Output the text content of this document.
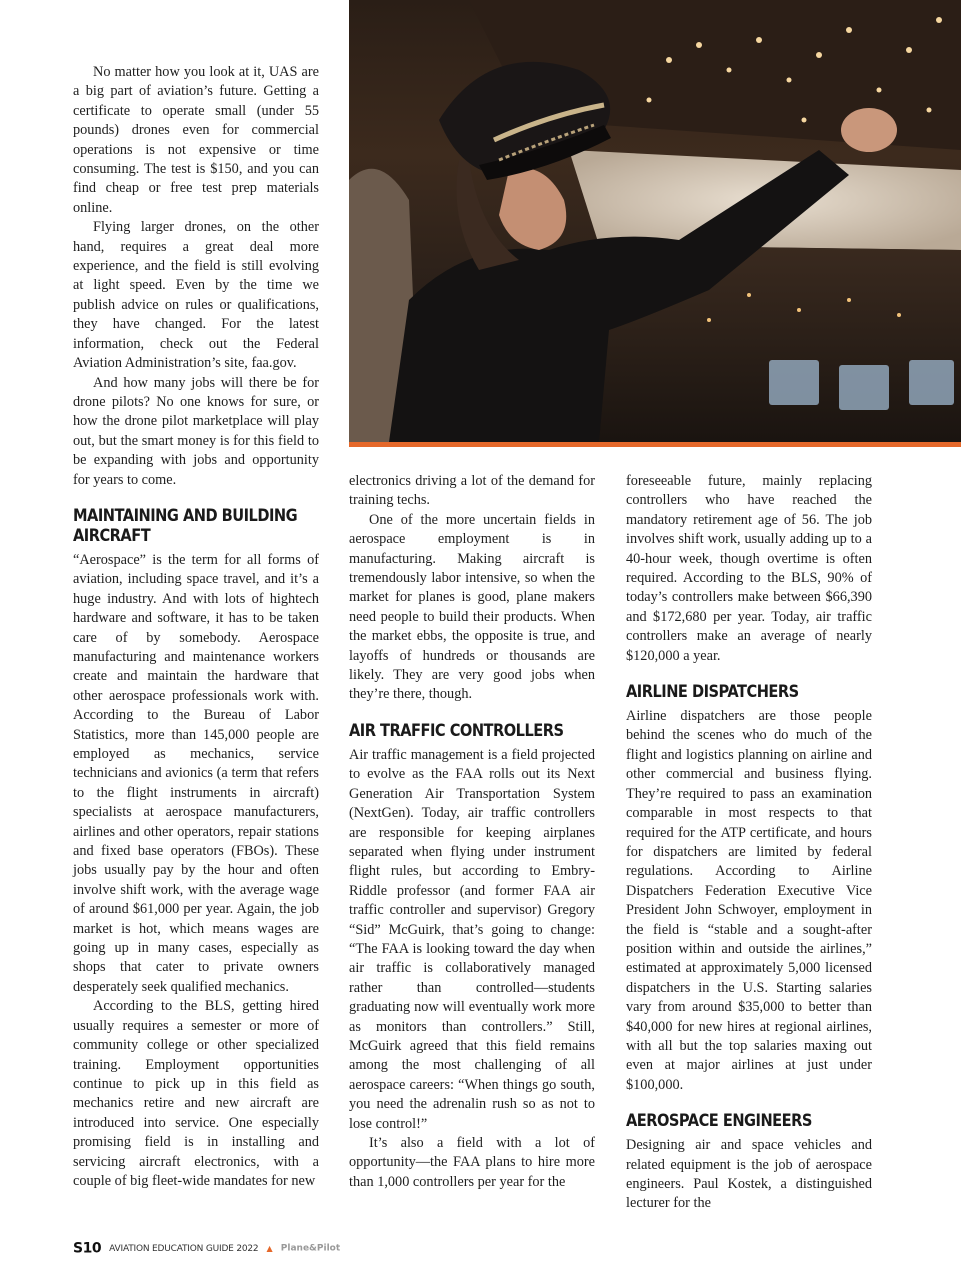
No matter how you look at it, UAS are a big part of aviation’s future. Getting a certificate to operate small (under 55 pounds) drones even for commercial operations is not expensive or time consuming. The test is $150, and you can find cheap or free test prep materials online.

Flying larger drones, on the other hand, requires a great deal more experience, and the field is still evolving at light speed. Even by the time we publish advice on rules or qualifications, they have changed. For the latest information, check out the Federal Aviation Administration’s site, faa.gov.

And how many jobs will there be for drone pilots? No one knows for sure, or how the drone pilot marketplace will play out, but the smart money is for this field to be expanding with jobs and opportunity for years to come.

MAINTAINING AND BUILDING
AIRCRAFT

“Aerospace” is the term for all forms of aviation, including space travel, and it’s a huge industry. And with lots of hightech hardware and software, it has to be taken care of by somebody. Aerospace manufacturing and maintenance workers create and maintain the hardware that other aerospace professionals work with. According to the Bureau of Labor Statistics, more than 145,000 people are employed as mechanics, service technicians and avionics (a term that refers to the flight instruments in aircraft) specialists at aerospace manufacturers, airlines and other operators, repair stations and fixed base operators (FBOs). These jobs usually pay by the hour and often involve shift work, with the average wage of around $61,000 per year. Again, the job market is hot, which means wages are going up in many cases, especially as shops that cater to private owners desperately seek qualified mechanics.

According to the BLS, getting hired usually requires a semester or more of community college or other specialized training. Employment opportunities continue to pick up in this field as mechanics retire and new aircraft are introduced into service. One especially promising field is in installing and servicing aircraft electronics, with a couple of big fleet-wide mandates for new

electronics driving a lot of the demand for training techs.

One of the more uncertain fields in aerospace employment is in manufacturing. Making aircraft is tremendously labor intensive, so when the market for planes is good, plane makers need people to build their products. When the market ebbs, the opposite is true, and layoffs of hundreds or thousands are likely. They are very good jobs when they’re there, though.

AIR TRAFFIC CONTROLLERS

Air traffic management is a field projected to evolve as the FAA rolls out its Next Generation Air Transportation System (NextGen). Today, air traffic controllers are responsible for keeping airplanes separated when flying under instrument flight rules, but according to Embry-Riddle professor (and former FAA air traffic controller and supervisor) Gregory “Sid” McGuirk, that’s going to change: “The FAA is looking toward the day when air traffic is collaboratively managed rather than controlled—students graduating now will eventually work more as monitors than controllers.” Still, McGuirk agreed that this field remains among the most challenging of all aerospace careers: “When things go south, you need the adrenalin rush so as not to lose control!”

It’s also a field with a lot of opportunity—the FAA plans to hire more than 1,000 controllers per year for the

foreseeable future, mainly replacing controllers who have reached the mandatory retirement age of 56. The job involves shift work, usually adding up to a 40-hour week, though overtime is often required. According to the BLS, 90% of today’s controllers make between $66,390 and $172,680 per year. Today, air traffic controllers make an average of nearly $120,000 a year.

AIRLINE DISPATCHERS

Airline dispatchers are those people behind the scenes who do much of the flight and logistics planning on airline and other commercial and business flying. They’re required to pass an examination comparable in most respects to that required for the ATP certificate, and hours for dispatchers are limited by federal regulations. According to Airline Dispatchers Federation Executive Vice President John Schwoyer, employment in the field is “stable and a sought-after position within and outside the airlines,” estimated at approximately 5,000 licensed dispatchers in the U.S. Starting salaries vary from around $35,000 to better than $40,000 for new hires at regional airlines, with all but the top salaries maxing out even at major airlines at just under $100,000.

AEROSPACE ENGINEERS

Designing air and space vehicles and related equipment is the job of aerospace engineers. Paul Kostek, a distinguished lecturer for the

S10 AVIATION EDUCATION GUIDE 2022 ▲ Plane&Pilot
